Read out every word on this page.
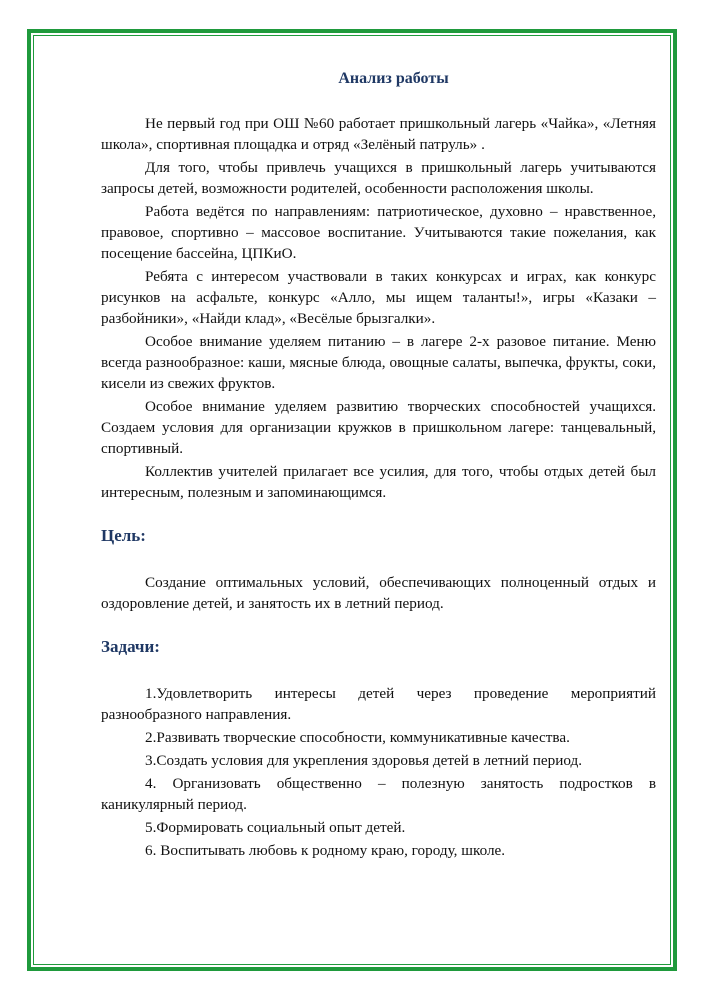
Анализ работы

Не первый год при ОШ №60 работает пришкольный лагерь «Чайка», «Летняя школа», спортивная площадка и отряд «Зелёный патруль» .

Для того, чтобы привлечь учащихся в пришкольный лагерь учитываются запросы детей, возможности родителей, особенности расположения школы.

Работа ведётся по направлениям: патриотическое, духовно – нравственное, правовое, спортивно – массовое воспитание. Учитываются такие пожелания, как посещение бассейна, ЦПКиО.

Ребята с интересом участвовали в таких конкурсах и играх, как конкурс рисунков на асфальте, конкурс «Алло, мы ищем таланты!», игры «Казаки – разбойники», «Найди клад», «Весёлые брызгалки».

Особое внимание уделяем питанию – в лагере 2-х разовое питание. Меню всегда разнообразное: каши, мясные блюда, овощные салаты, выпечка, фрукты, соки, кисели из свежих фруктов.

Особое внимание уделяем развитию творческих способностей учащихся. Создаем условия для организации кружков в пришкольном лагере: танцевальный, спортивный.

Коллектив учителей прилагает все усилия, для того, чтобы отдых детей был интересным, полезным и запоминающимся.

Цель:

Создание оптимальных условий, обеспечивающих полноценный отдых и оздоровление детей, и занятость их в летний период.

Задачи:

1.Удовлетворить интересы детей через проведение мероприятий разнообразного направления.

2.Развивать творческие способности, коммуникативные качества.

3.Создать условия для укрепления здоровья детей в летний период.

4. Организовать общественно – полезную занятость подростков в каникулярный период.

5.Формировать социальный опыт детей.

6. Воспитывать любовь к родному краю, городу, школе.
